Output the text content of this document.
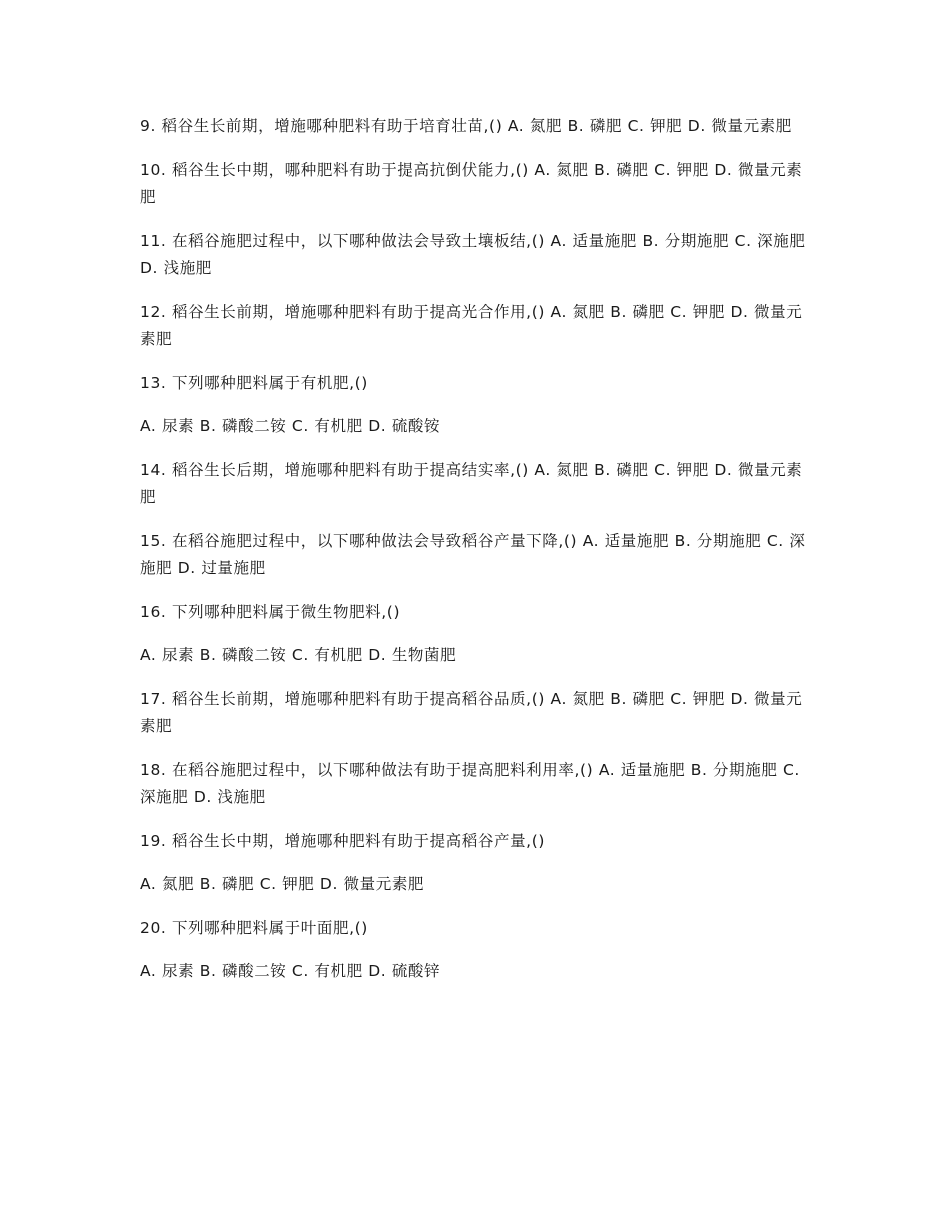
9. 稻谷生长前期，增施哪种肥料有助于培育壮苗,() A. 氮肥 B. 磷肥 C. 钾肥 D. 微量元素肥

10. 稻谷生长中期，哪种肥料有助于提高抗倒伏能力,() A. 氮肥 B. 磷肥 C. 钾肥 D. 微量元素肥

11. 在稻谷施肥过程中，以下哪种做法会导致土壤板结,() A. 适量施肥 B. 分期施肥 C. 深施肥 D. 浅施肥

12. 稻谷生长前期，增施哪种肥料有助于提高光合作用,() A. 氮肥 B. 磷肥 C. 钾肥 D. 微量元素肥

13. 下列哪种肥料属于有机肥,()

A. 尿素 B. 磷酸二铵 C. 有机肥 D. 硫酸铵

14. 稻谷生长后期，增施哪种肥料有助于提高结实率,() A. 氮肥 B. 磷肥 C. 钾肥 D. 微量元素肥

15. 在稻谷施肥过程中，以下哪种做法会导致稻谷产量下降,() A. 适量施肥 B. 分期施肥 C. 深施肥 D. 过量施肥

16. 下列哪种肥料属于微生物肥料,()

A. 尿素 B. 磷酸二铵 C. 有机肥 D. 生物菌肥

17. 稻谷生长前期，增施哪种肥料有助于提高稻谷品质,() A. 氮肥 B. 磷肥 C. 钾肥 D. 微量元素肥

18. 在稻谷施肥过程中，以下哪种做法有助于提高肥料利用率,() A. 适量施肥 B. 分期施肥 C. 深施肥 D. 浅施肥

19. 稻谷生长中期，增施哪种肥料有助于提高稻谷产量,()

A. 氮肥 B. 磷肥 C. 钾肥 D. 微量元素肥

20. 下列哪种肥料属于叶面肥,()

A. 尿素 B. 磷酸二铵 C. 有机肥 D. 硫酸锌
